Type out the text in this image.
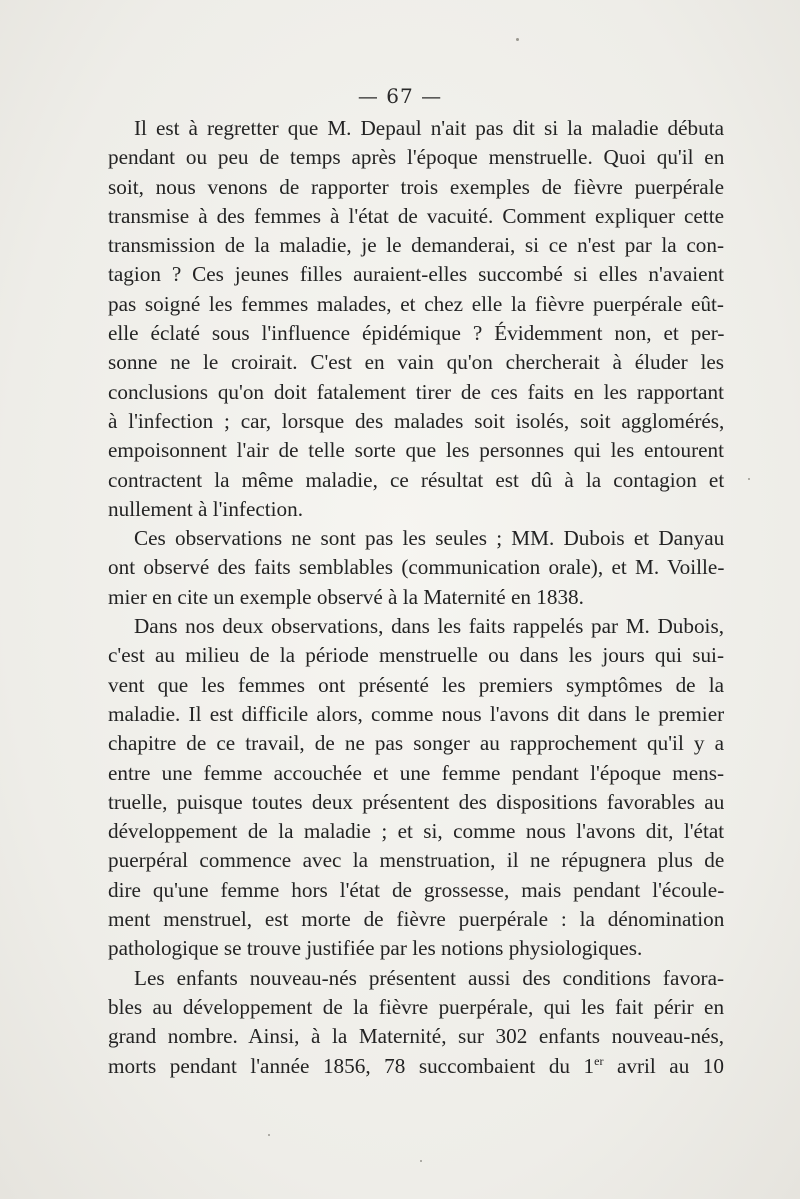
— 67 —
Il est à regretter que M. Depaul n'ait pas dit si la maladie débuta
pendant ou peu de temps après l'époque menstruelle. Quoi qu'il en
soit, nous venons de rapporter trois exemples de fièvre puerpérale
transmise à des femmes à l'état de vacuité. Comment expliquer cette
transmission de la maladie, je le demanderai, si ce n'est par la con-
tagion ? Ces jeunes filles auraient-elles succombé si elles n'avaient
pas soigné les femmes malades, et chez elle la fièvre puerpérale eût-
elle éclaté sous l'influence épidémique ? Évidemment non, et per-
sonne ne le croirait. C'est en vain qu'on chercherait à éluder les
conclusions qu'on doit fatalement tirer de ces faits en les rapportant
à l'infection ; car, lorsque des malades soit isolés, soit agglomérés,
empoisonnent l'air de telle sorte que les personnes qui les entourent
contractent la même maladie, ce résultat est dû à la contagion et
nullement à l'infection.
Ces observations ne sont pas les seules ; MM. Dubois et Danyau
ont observé des faits semblables (communication orale), et M. Voille-
mier en cite un exemple observé à la Maternité en 1838.
Dans nos deux observations, dans les faits rappelés par M. Dubois,
c'est au milieu de la période menstruelle ou dans les jours qui sui-
vent que les femmes ont présenté les premiers symptômes de la
maladie. Il est difficile alors, comme nous l'avons dit dans le premier
chapitre de ce travail, de ne pas songer au rapprochement qu'il y a
entre une femme accouchée et une femme pendant l'époque mens-
truelle, puisque toutes deux présentent des dispositions favorables au
développement de la maladie ; et si, comme nous l'avons dit, l'état
puerpéral commence avec la menstruation, il ne répugnera plus de
dire qu'une femme hors l'état de grossesse, mais pendant l'écoule-
ment menstruel, est morte de fièvre puerpérale : la dénomination
pathologique se trouve justifiée par les notions physiologiques.
Les enfants nouveau-nés présentent aussi des conditions favora-
bles au développement de la fièvre puerpérale, qui les fait périr en
grand nombre. Ainsi, à la Maternité, sur 302 enfants nouveau-nés,
morts pendant l'année 1856, 78 succombaient du 1er avril au 10
